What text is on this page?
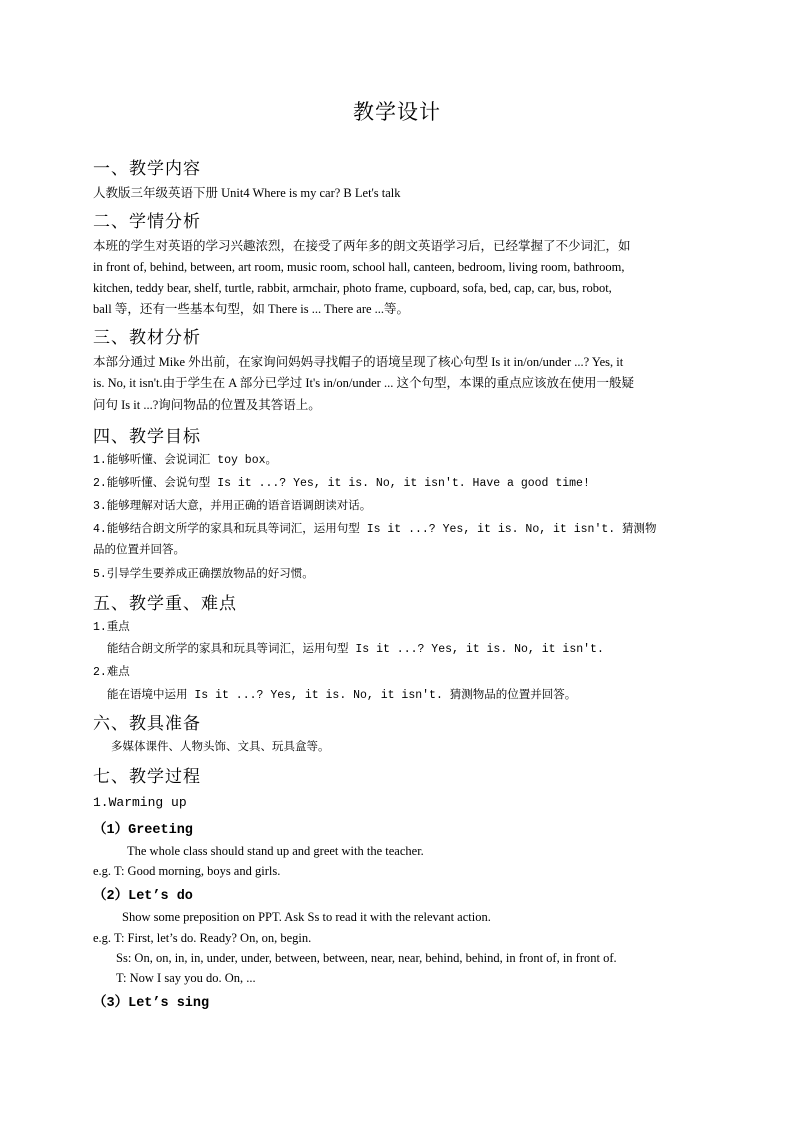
教学设计
一、教学内容
人教版三年级英语下册 Unit4 Where is my car? B Let's talk
二、学情分析
本班的学生对英语的学习兴趣浓烈，在接受了两年多的朗文英语学习后，已经掌握了不少词汇，如
in front of, behind, between, art room, music room, school hall, canteen, bedroom, living room, bathroom,
kitchen, teddy bear, shelf, turtle, rabbit, armchair, photo frame, cupboard, sofa, bed, cap, car, bus, robot,
ball 等，还有一些基本句型，如 There is ... There are ...等。
三、教材分析
本部分通过 Mike 外出前，在家询问妈妈寻找帽子的语境呈现了核心句型 Is it in/on/under ...? Yes, it
is. No, it isn't.由于学生在 A 部分已学过 It's in/on/under ... 这个句型，本课的重点应该放在使用一般疑
问句 Is it ...?询问物品的位置及其答语上。
四、教学目标
1.能够听懂、会说词汇 toy box。
2.能够听懂、会说句型 Is it ...? Yes, it is. No, it isn't. Have a good time!
3.能够理解对话大意，并用正确的语音语调朗读对话。
4.能够结合朗文所学的家具和玩具等词汇，运用句型 Is it ...? Yes, it is. No, it isn't. 猜测物
品的位置并回答。
5.引导学生要养成正确摆放物品的好习惯。
五、教学重、难点
1.重点
能结合朗文所学的家具和玩具等词汇，运用句型 Is it ...? Yes, it is. No, it isn't.
2.难点
能在语境中运用 Is it ...? Yes, it is. No, it isn't. 猜测物品的位置并回答。
六、教具准备
多媒体课件、人物头饰、文具、玩具盒等。
七、教学过程
1.Warming up
（1）Greeting
The whole class should stand up and greet with the teacher.
e.g. T: Good morning, boys and girls.
（2）Let’s do
Show some preposition on PPT. Ask Ss to read it with the relevant action.
e.g. T: First, let’s do. Ready? On, on, begin.
Ss: On, on, in, in, under, under, between, between, near, near, behind, behind, in front of, in front of.
T: Now I say you do. On, ...
（3）Let’s sing
